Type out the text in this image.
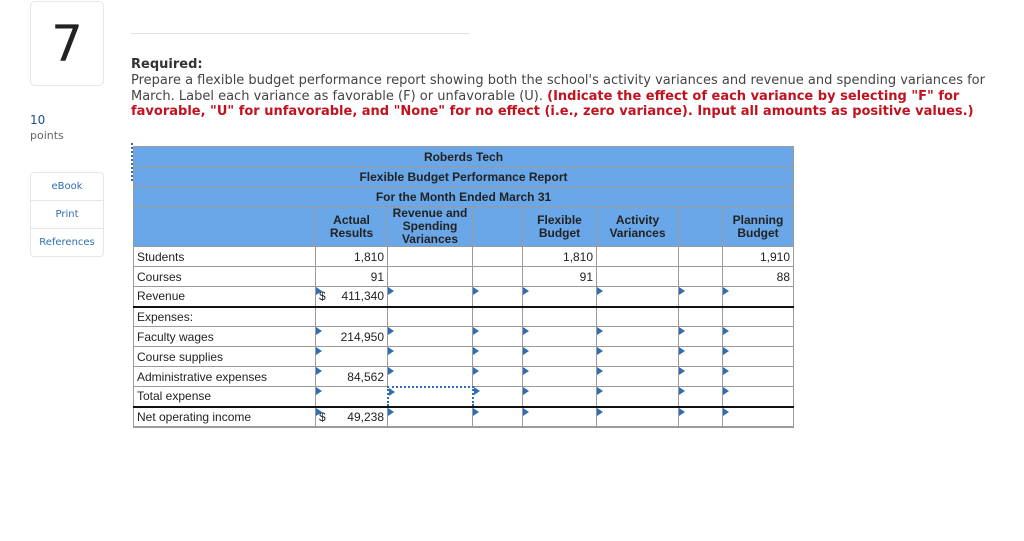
7
10
points
eBook
Print
References
Required:
Prepare a flexible budget performance report showing both the school's activity variances and revenue and spending variances for March. Label each variance as favorable (F) or unfavorable (U). (Indicate the effect of each variance by selecting "F" for favorable, "U" for unfavorable, and "None" for no effect (i.e., zero variance). Input all amounts as positive values.)
Roberds Tech							
Flexible Budget Performance Report							
For the Month Ended March 31							
	Actual Results	Revenue and Spending Variances		Flexible Budget	Activity Variances		Planning Budget
Students	1,810			1,810			1,910
Courses	91			91			88
Revenue	$ 411,340						
Expenses:							
Faculty wages	214,950						
Course supplies							
Administrative expenses	84,562						
Total expense							
Net operating income	$ 49,238						
